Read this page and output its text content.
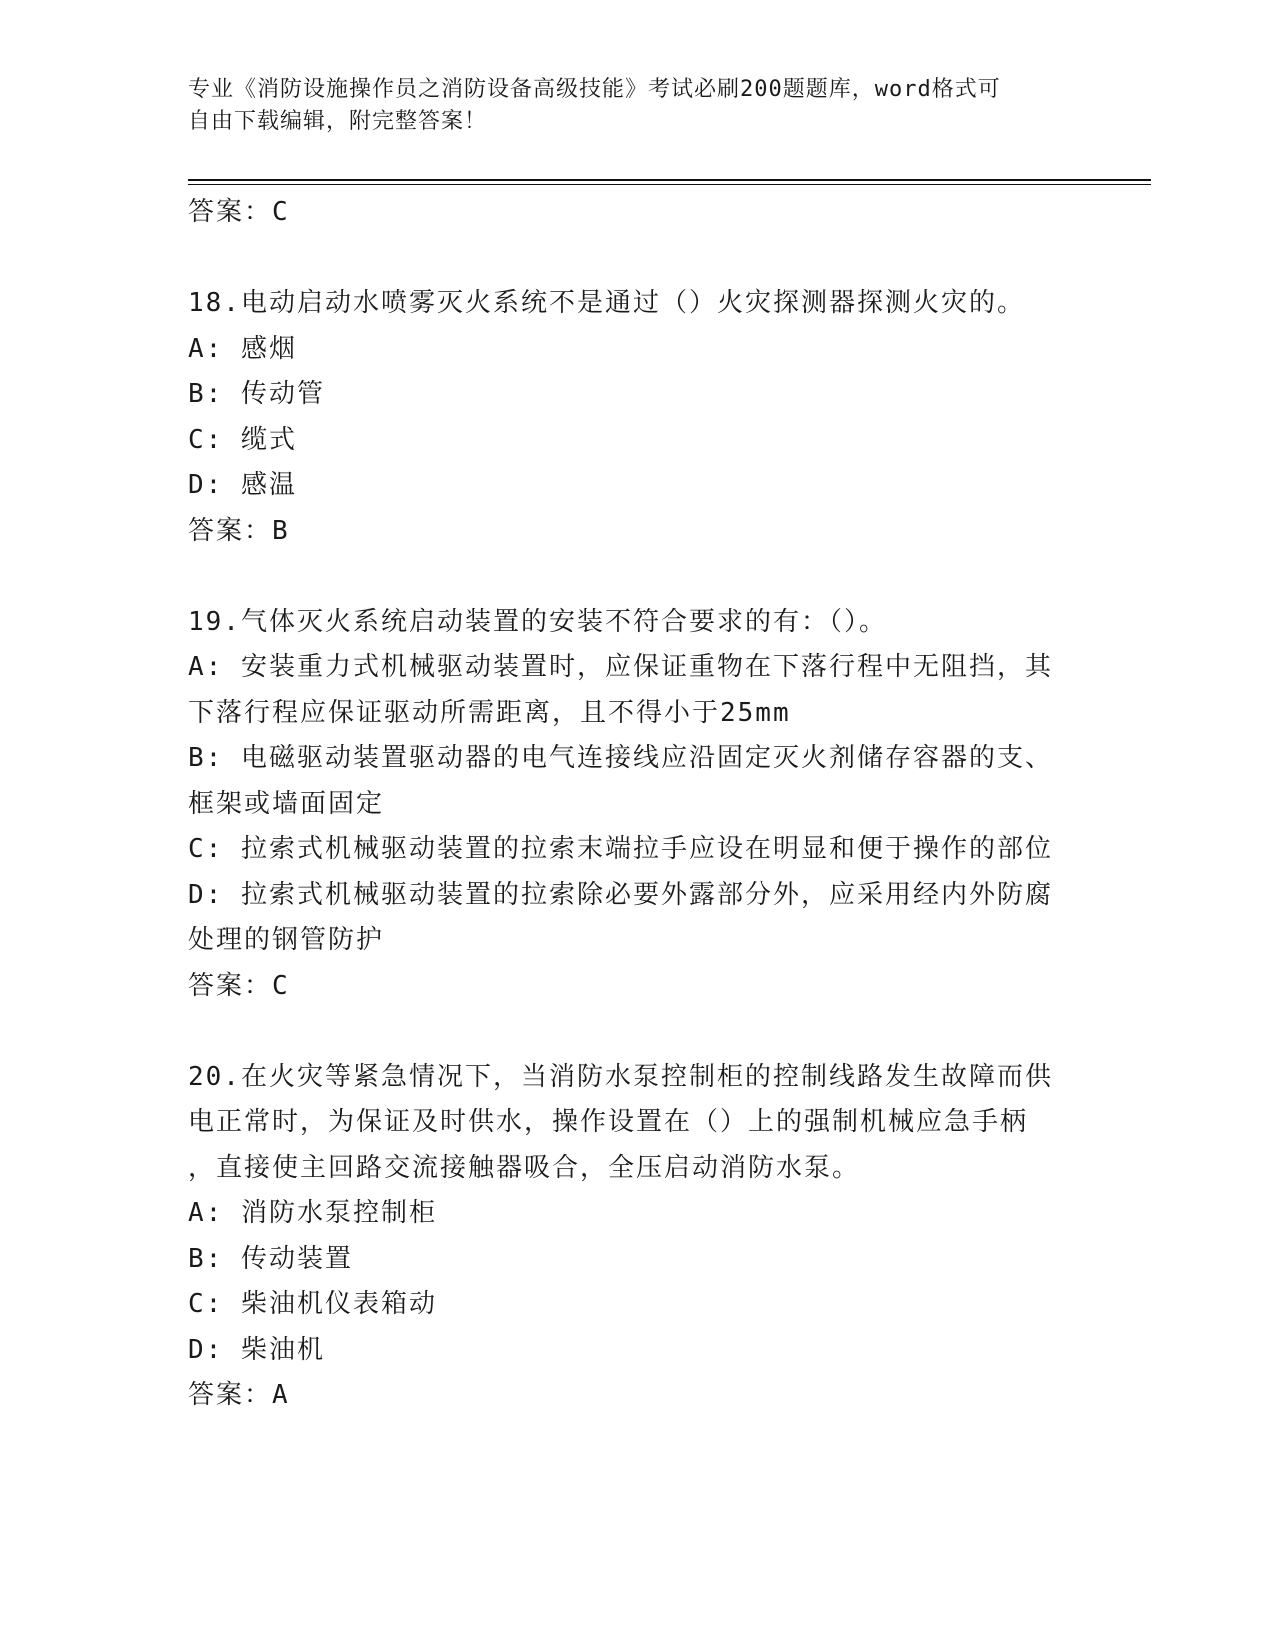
专业《消防设施操作员之消防设备高级技能》考试必刷200题题库，word格式可
自由下载编辑，附完整答案！
答案：C
18.电动启动水喷雾灭火系统不是通过（）火灾探测器探测火灾的。
A: 感烟
B: 传动管
C: 缆式
D: 感温
答案：B
19.气体灭火系统启动装置的安装不符合要求的有：（）。
A: 安装重力式机械驱动装置时，应保证重物在下落行程中无阻挡，其
下落行程应保证驱动所需距离，且不得小于25mm
B: 电磁驱动装置驱动器的电气连接线应沿固定灭火剂储存容器的支、
框架或墙面固定
C: 拉索式机械驱动装置的拉索末端拉手应设在明显和便于操作的部位
D: 拉索式机械驱动装置的拉索除必要外露部分外，应采用经内外防腐
处理的钢管防护
答案：C
20.在火灾等紧急情况下，当消防水泵控制柜的控制线路发生故障而供
电正常时，为保证及时供水，操作设置在（）上的强制机械应急手柄
，直接使主回路交流接触器吸合，全压启动消防水泵。
A: 消防水泵控制柜
B: 传动装置
C: 柴油机仪表箱动
D: 柴油机
答案：A
